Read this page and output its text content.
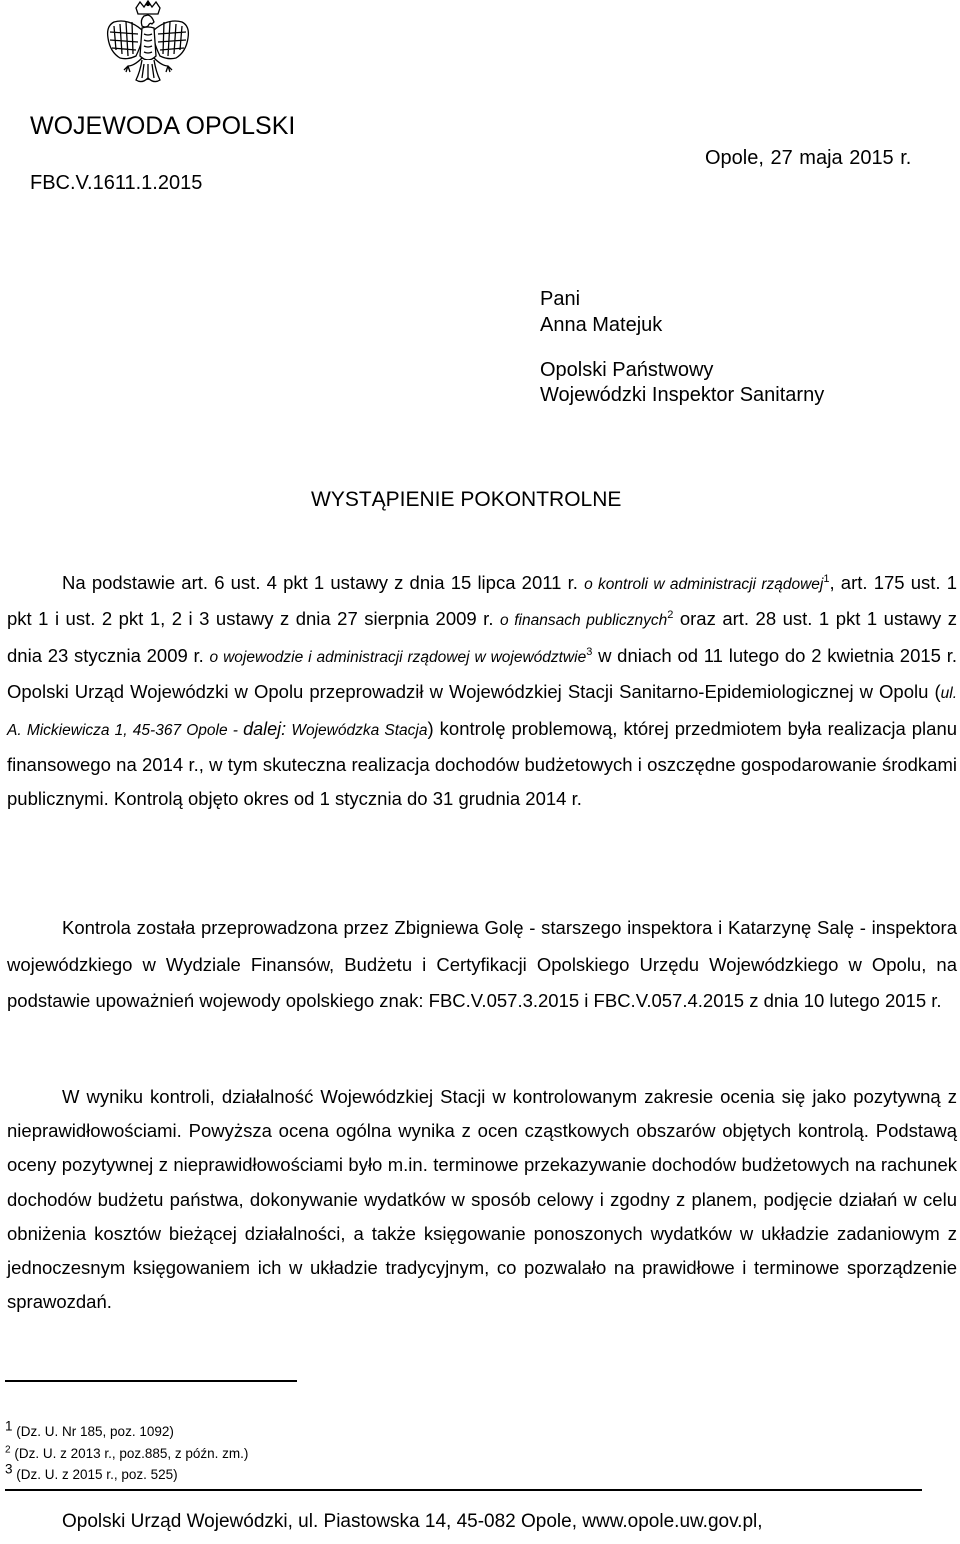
WOJEWODA OPOLSKI
FBC.V.1611.1.2015
Opole, 27 maja 2015 r.
Pani
Anna Matejuk
Opolski Państwowy
Wojewódzki Inspektor Sanitarny
WYSTĄPIENIE POKONTROLNE

Na podstawie art. 6 ust. 4 pkt 1 ustawy z dnia 15 lipca 2011 r. o kontroli w administracji rządowej$^1$, art. 175 ust. 1 pkt 1 i ust. 2 pkt 1, 2 i 3 ustawy z dnia 27 sierpnia 2009 r. o finansach publicznych$^2$ oraz art. 28 ust. 1 pkt 1 ustawy z dnia 23 stycznia 2009 r. o wojewodzie i administracji rządowej w województwie$^3$ w dniach od 11 lutego do 2 kwietnia 2015 r. Opolski Urząd Wojewódzki w Opolu przeprowadził w Wojewódzkiej Stacji Sanitarno-Epidemiologicznej w Opolu (ul. A. Mickiewicza 1, 45-367 Opole - dalej: Wojewódzka Stacja) kontrolę problemową, której przedmiotem była realizacja planu finansowego na 2014 r., w tym skuteczna realizacja dochodów budżetowych i oszczędne gospodarowanie środkami publicznymi. Kontrolą objęto okres od 1 stycznia do 31 grudnia 2014 r.

Kontrola została przeprowadzona przez Zbigniewa Golę - starszego inspektora i Katarzynę Salę - inspektora wojewódzkiego w Wydziale Finansów, Budżetu i Certyfikacji Opolskiego Urzędu Wojewódzkiego w Opolu, na podstawie upoważnień wojewody opolskiego znak: FBC.V.057.3.2015 i FBC.V.057.4.2015 z dnia 10 lutego 2015 r.

W wyniku kontroli, działalność Wojewódzkiej Stacji w kontrolowanym zakresie ocenia się jako pozytywną z nieprawidłowościami. Powyższa ocena ogólna wynika z ocen cząstkowych obszarów objętych kontrolą. Podstawą oceny pozytywnej z nieprawidłowościami było m.in. terminowe przekazywanie dochodów budżetowych na rachunek dochodów budżetu państwa, dokonywanie wydatków w sposób celowy i zgodny z planem, podjęcie działań w celu obniżenia kosztów bieżącej działalności, a także księgowanie ponoszonych wydatków w układzie zadaniowym z jednoczesnym księgowaniem ich w układzie tradycyjnym, co pozwalało na prawidłowe i terminowe sporządzenie sprawozdań.

$^1$ (Dz. U. Nr 185, poz. 1092)
$^2$ (Dz. U. z 2013 r., poz.885, z późn. zm.)
$^3$ (Dz. U. z 2015 r., poz. 525)
Opolski Urząd Wojewódzki, ul. Piastowska 14, 45-082 Opole, www.opole.uw.gov.pl,
